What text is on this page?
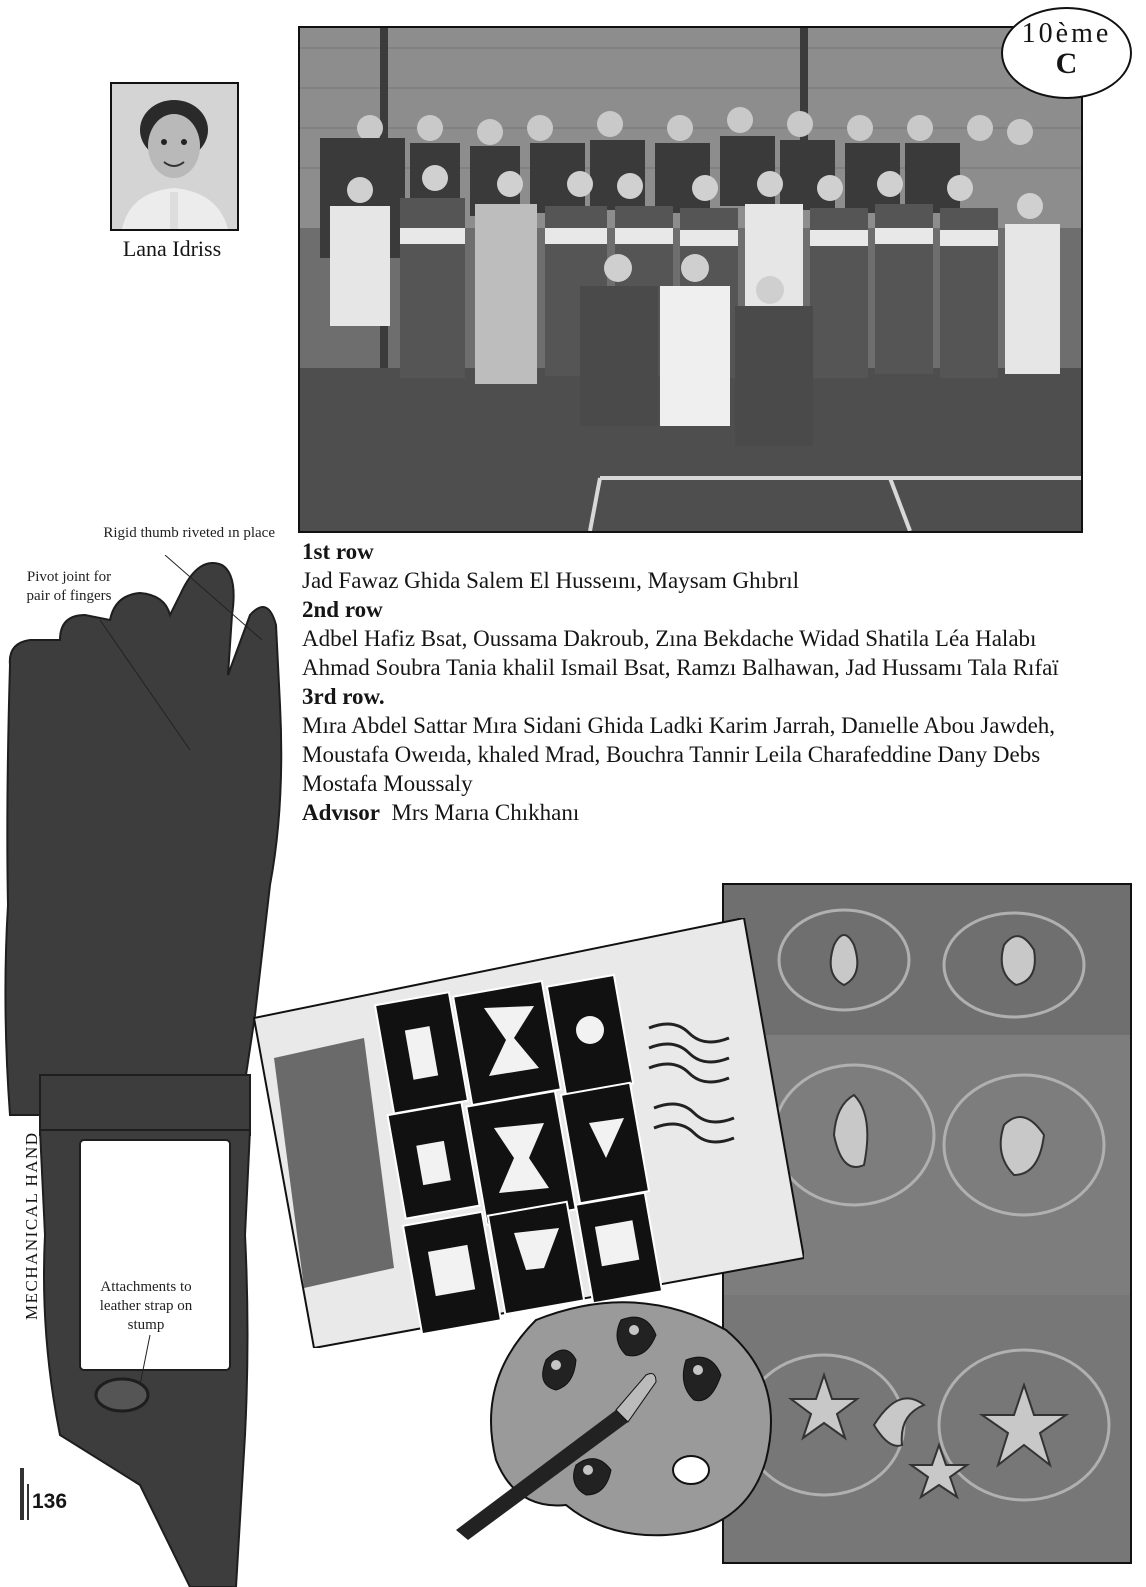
Lana Idriss
10ème
C

1st row

Jad Fawaz Ghida Salem El Husseını, Maysam Ghıbrıl

2nd row

Adbel Hafiz Bsat, Oussama Dakroub, Zına Bekdache Widad Shatila Léa Halabı Ahmad Soubra Tania khalil Ismail Bsat, Ramzı Balhawan, Jad Hussamı Tala Rıfaï

3rd row.

Mıra Abdel Sattar Mıra Sidani Ghida Ladki Karim Jarrah, Danıelle Abou Jawdeh, Moustafa Oweıda, khaled Mrad, Bouchra Tannir Leila Charafeddine Dany Debs Mostafa Moussaly

Advısor Mrs Marıa Chıkhanı

MECHANICAL HAND
Rigid thumb riveted ın place
Pivot joint for pair of fingers
Attachments to leather strap on stump
136
